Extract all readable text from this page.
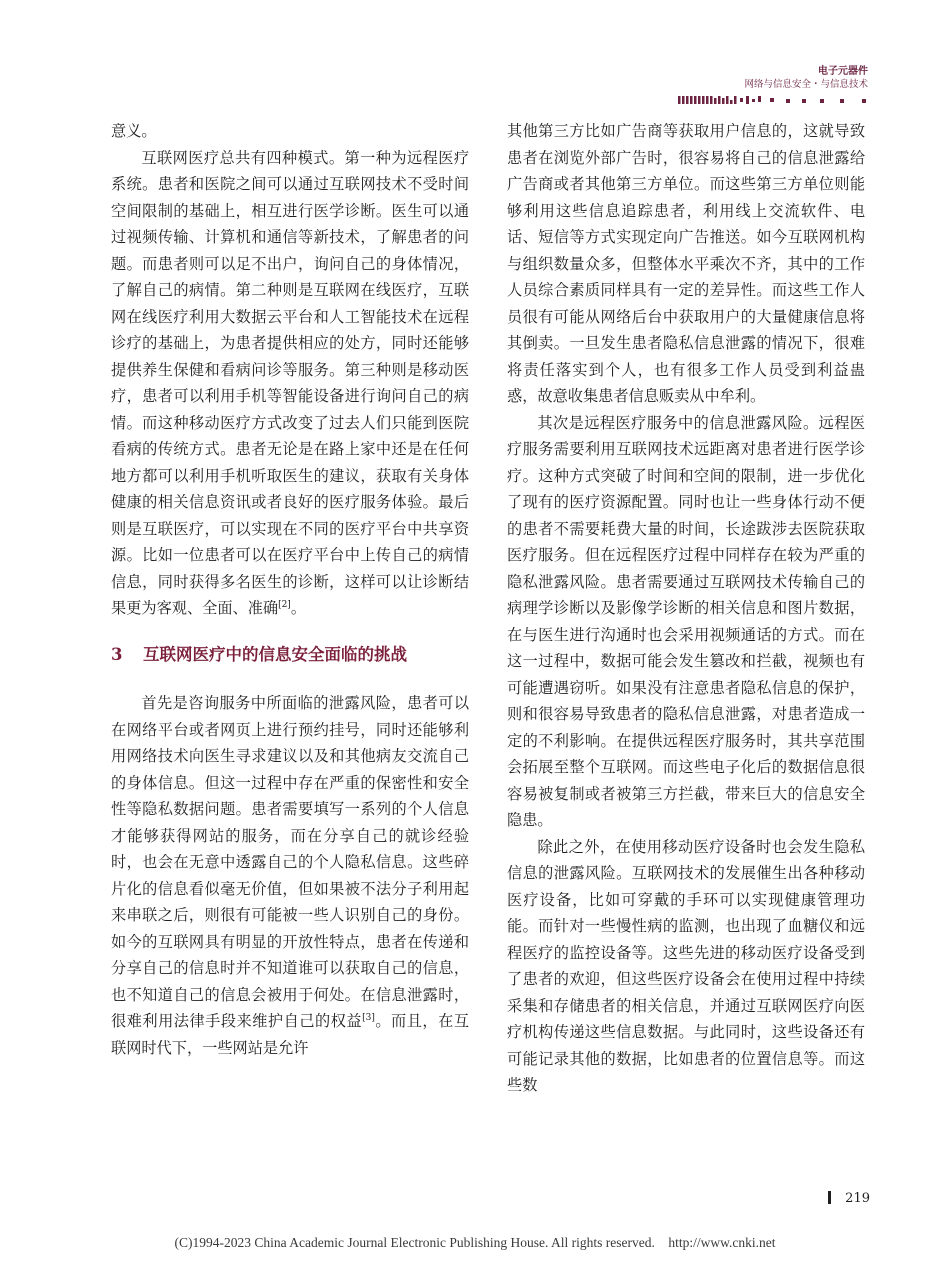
电子元器件
网络与信息安全・与信息技术

意义。

互联网医疗总共有四种模式。第一种为远程医疗系统。患者和医院之间可以通过互联网技术不受时间空间限制的基础上，相互进行医学诊断。医生可以通过视频传输、计算机和通信等新技术，了解患者的问题。而患者则可以足不出户，询问自己的身体情况，了解自己的病情。第二种则是互联网在线医疗，互联网在线医疗利用大数据云平台和人工智能技术在远程诊疗的基础上，为患者提供相应的处方，同时还能够提供养生保健和看病问诊等服务。第三种则是移动医疗，患者可以利用手机等智能设备进行询问自己的病情。而这种移动医疗方式改变了过去人们只能到医院看病的传统方式。患者无论是在路上家中还是在任何地方都可以利用手机听取医生的建议，获取有关身体健康的相关信息资讯或者良好的医疗服务体验。最后则是互联医疗，可以实现在不同的医疗平台中共享资源。比如一位患者可以在医疗平台中上传自己的病情信息，同时获得多名医生的诊断，这样可以让诊断结果更为客观、全面、准确[2]。

3 互联网医疗中的信息安全面临的挑战

首先是咨询服务中所面临的泄露风险，患者可以在网络平台或者网页上进行预约挂号，同时还能够利用网络技术向医生寻求建议以及和其他病友交流自己的身体信息。但这一过程中存在严重的保密性和安全性等隐私数据问题。患者需要填写一系列的个人信息才能够获得网站的服务，而在分享自己的就诊经验时，也会在无意中透露自己的个人隐私信息。这些碎片化的信息看似毫无价值，但如果被不法分子利用起来串联之后，则很有可能被一些人识别自己的身份。如今的互联网具有明显的开放性特点，患者在传递和分享自己的信息时并不知道谁可以获取自己的信息，也不知道自己的信息会被用于何处。在信息泄露时，很难利用法律手段来维护自己的权益[3]。而且，在互联网时代下，一些网站是允许

其他第三方比如广告商等获取用户信息的，这就导致患者在浏览外部广告时，很容易将自己的信息泄露给广告商或者其他第三方单位。而这些第三方单位则能够利用这些信息追踪患者，利用线上交流软件、电话、短信等方式实现定向广告推送。如今互联网机构与组织数量众多，但整体水平乘次不齐，其中的工作人员综合素质同样具有一定的差异性。而这些工作人员很有可能从网络后台中获取用户的大量健康信息将其倒卖。一旦发生患者隐私信息泄露的情况下，很难将责任落实到个人，也有很多工作人员受到利益蛊惑，故意收集患者信息贩卖从中牟利。

其次是远程医疗服务中的信息泄露风险。远程医疗服务需要利用互联网技术远距离对患者进行医学诊疗。这种方式突破了时间和空间的限制，进一步优化了现有的医疗资源配置。同时也让一些身体行动不便的患者不需要耗费大量的时间，长途跋涉去医院获取医疗服务。但在远程医疗过程中同样存在较为严重的隐私泄露风险。患者需要通过互联网技术传输自己的病理学诊断以及影像学诊断的相关信息和图片数据，在与医生进行沟通时也会采用视频通话的方式。而在这一过程中，数据可能会发生篡改和拦截，视频也有可能遭遇窃听。如果没有注意患者隐私信息的保护，则和很容易导致患者的隐私信息泄露，对患者造成一定的不利影响。在提供远程医疗服务时，其共享范围会拓展至整个互联网。而这些电子化后的数据信息很容易被复制或者被第三方拦截，带来巨大的信息安全隐患。

除此之外，在使用移动医疗设备时也会发生隐私信息的泄露风险。互联网技术的发展催生出各种移动医疗设备，比如可穿戴的手环可以实现健康管理功能。而针对一些慢性病的监测，也出现了血糖仪和远程医疗的监控设备等。这些先进的移动医疗设备受到了患者的欢迎，但这些医疗设备会在使用过程中持续采集和存储患者的相关信息，并通过互联网医疗向医疗机构传递这些信息数据。与此同时，这些设备还有可能记录其他的数据，比如患者的位置信息等。而这些数

219
(C)1994-2023 China Academic Journal Electronic Publishing House. All rights reserved. http://www.cnki.net
